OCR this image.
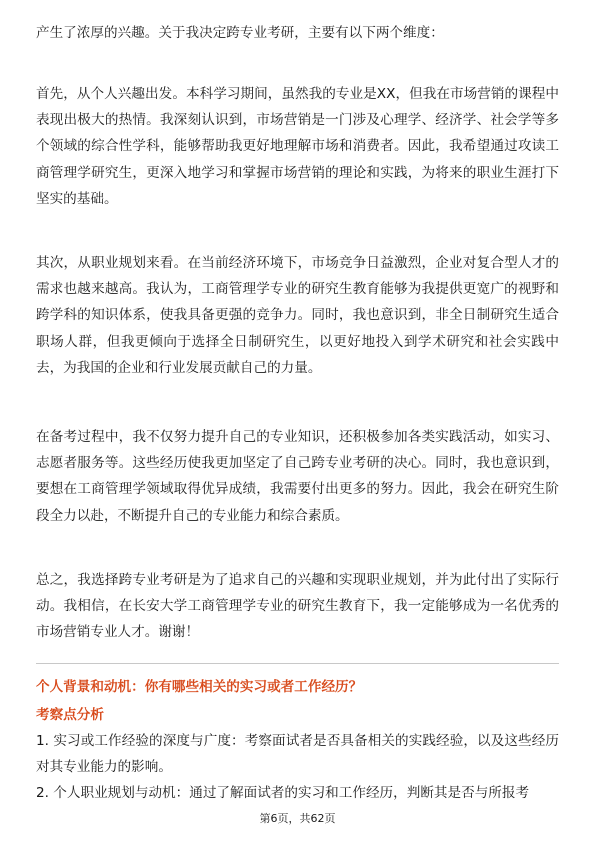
产生了浓厚的兴趣。关于我决定跨专业考研，主要有以下两个维度：

首先，从个人兴趣出发。本科学习期间，虽然我的专业是XX，但我在市场营销的课程中表现出极大的热情。我深刻认识到，市场营销是一门涉及心理学、经济学、社会学等多个领域的综合性学科，能够帮助我更好地理解市场和消费者。因此，我希望通过攻读工商管理学研究生，更深入地学习和掌握市场营销的理论和实践，为将来的职业生涯打下坚实的基础。

其次，从职业规划来看。在当前经济环境下，市场竞争日益激烈，企业对复合型人才的需求也越来越高。我认为，工商管理学专业的研究生教育能够为我提供更宽广的视野和跨学科的知识体系，使我具备更强的竞争力。同时，我也意识到，非全日制研究生适合职场人群，但我更倾向于选择全日制研究生，以更好地投入到学术研究和社会实践中去，为我国的企业和行业发展贡献自己的力量。

在备考过程中，我不仅努力提升自己的专业知识，还积极参加各类实践活动，如实习、志愿者服务等。这些经历使我更加坚定了自己跨专业考研的决心。同时，我也意识到，要想在工商管理学领域取得优异成绩，我需要付出更多的努力。因此，我会在研究生阶段全力以赴，不断提升自己的专业能力和综合素质。

总之，我选择跨专业考研是为了追求自己的兴趣和实现职业规划，并为此付出了实际行动。我相信，在长安大学工商管理学专业的研究生教育下，我一定能够成为一名优秀的市场营销专业人才。谢谢！

个人背景和动机：你有哪些相关的实习或者工作经历？

考察点分析

1. 实习或工作经验的深度与广度：考察面试者是否具备相关的实践经验，以及这些经历对其专业能力的影响。
2. 个人职业规划与动机：通过了解面试者的实习和工作经历，判断其是否与所报考
第6页，共62页
